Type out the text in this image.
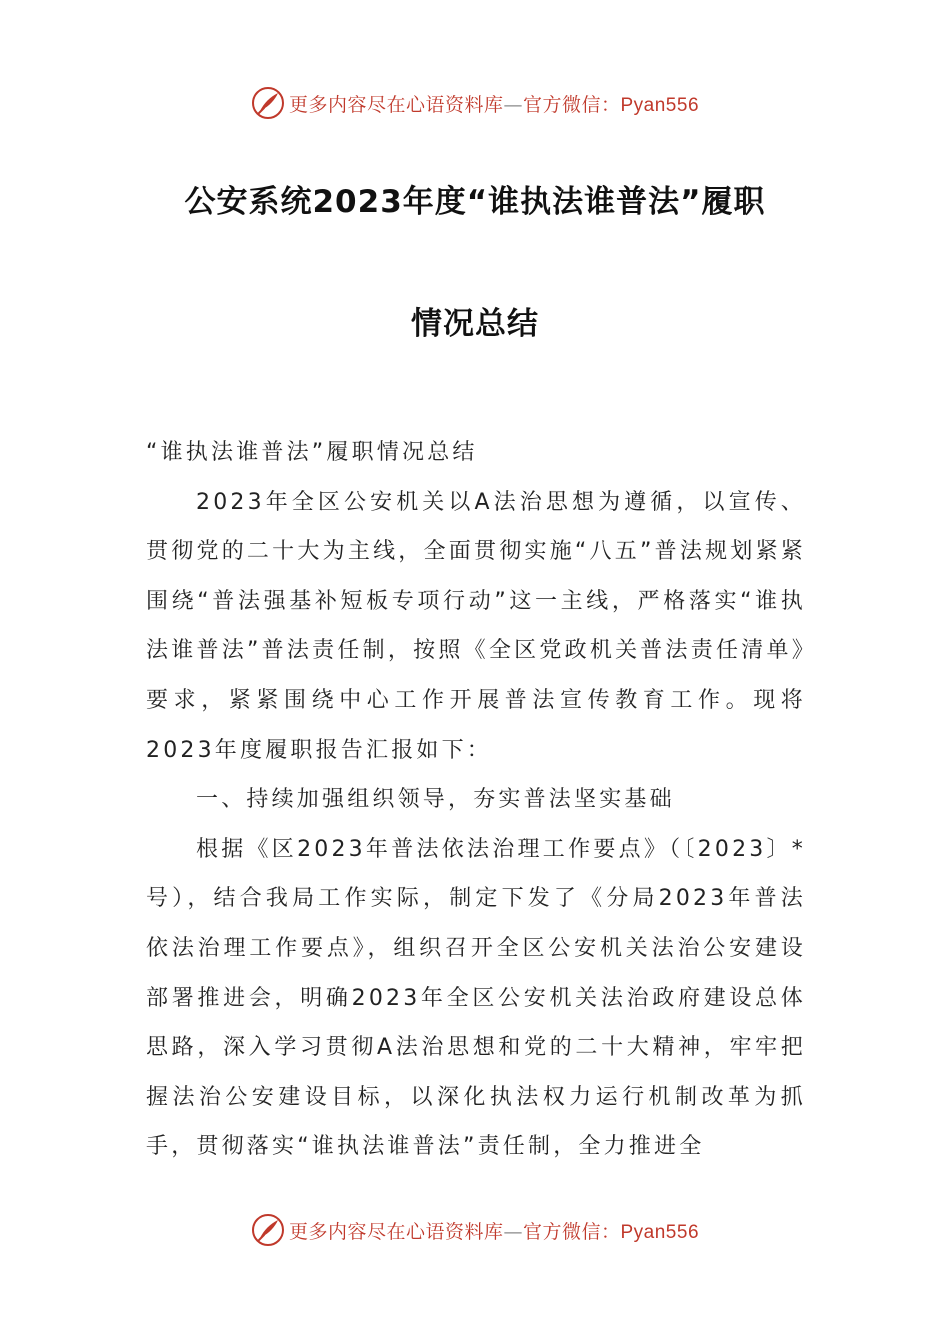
更多内容尽在心语资料库—官方微信：Pyan556
公安系统2023年度“谁执法谁普法”履职
情况总结

“谁执法谁普法”履职情况总结

2023年全区公安机关以A法治思想为遵循，以宣传、贯彻党的二十大为主线，全面贯彻实施“八五”普法规划紧紧围绕“普法强基补短板专项行动”这一主线，严格落实“谁执法谁普法”普法责任制，按照《全区党政机关普法责任清单》要求，紧紧围绕中心工作开展普法宣传教育工作。现将2023年度履职报告汇报如下：

一、持续加强组织领导，夯实普法坚实基础

根据《区2023年普法依法治理工作要点》（〔2023〕*号），结合我局工作实际，制定下发了《分局2023年普法依法治理工作要点》，组织召开全区公安机关法治公安建设部署推进会，明确2023年全区公安机关法治政府建设总体思路，深入学习贯彻A法治思想和党的二十大精神，牢牢把握法治公安建设目标，以深化执法权力运行机制改革为抓手，贯彻落实“谁执法谁普法”责任制，全力推进全

更多内容尽在心语资料库—官方微信：Pyan556
